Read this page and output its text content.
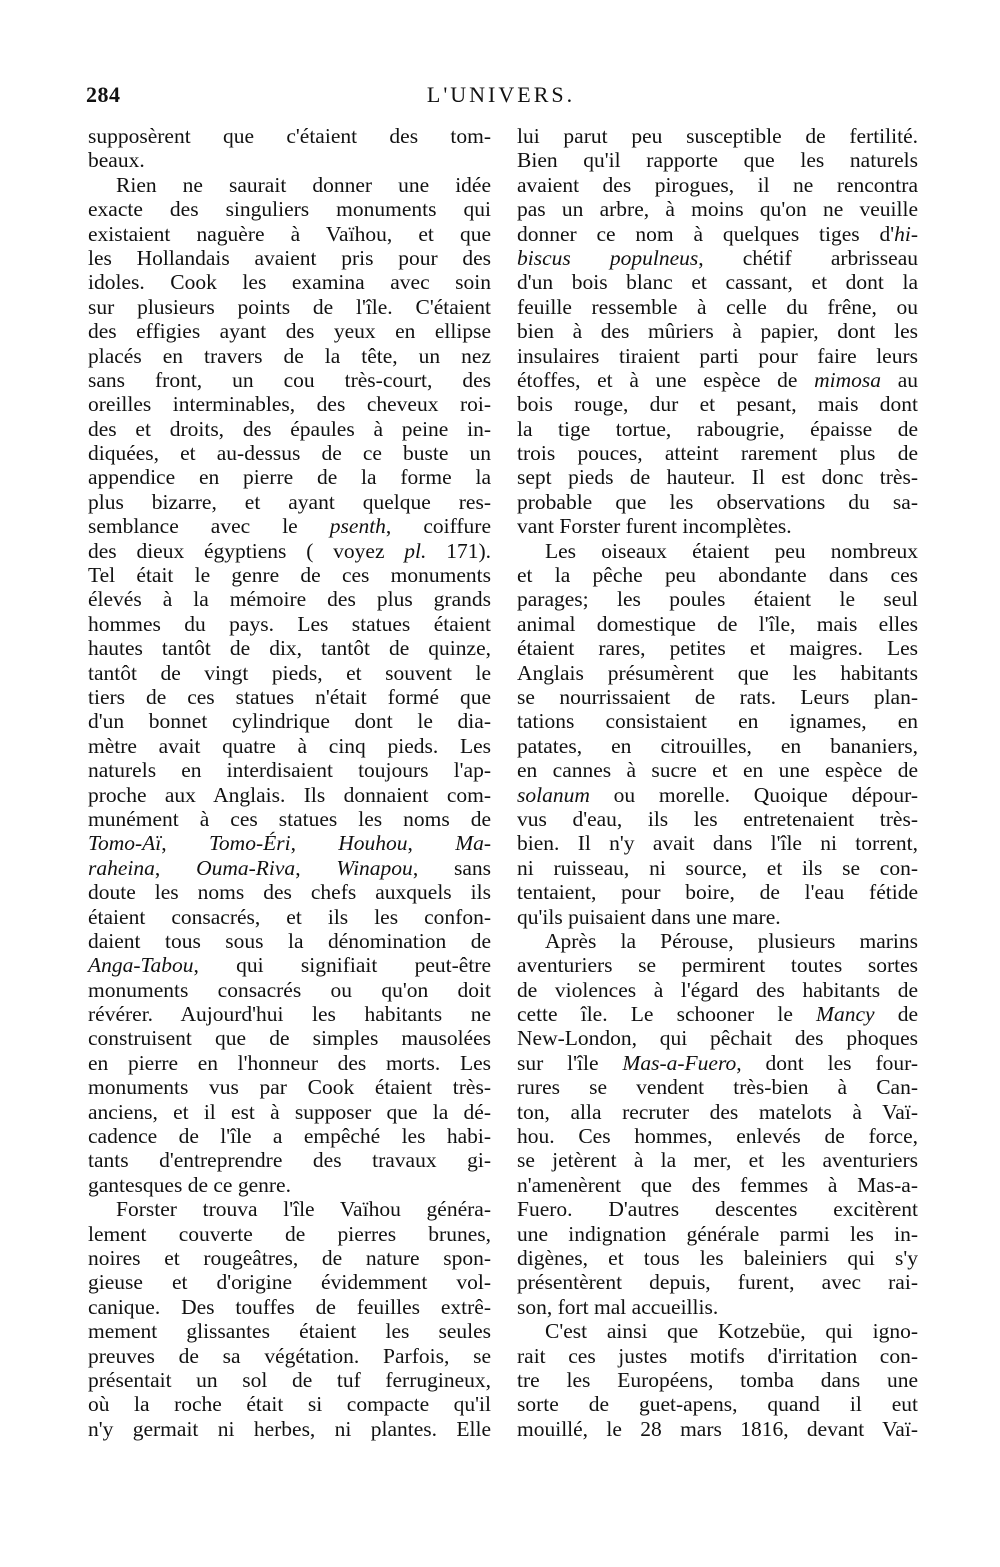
284	L'UNIVERS.
supposèrent que c'étaient des tom-
beaux.
Rien ne saurait donner une idée
exacte des singuliers monuments qui
existaient naguère à Vaïhou, et que
les Hollandais avaient pris pour des
idoles. Cook les examina avec soin
sur plusieurs points de l'île. C'étaient
des effigies ayant des yeux en ellipse
placés en travers de la tête, un nez
sans front, un cou très-court, des
oreilles interminables, des cheveux roi-
des et droits, des épaules à peine in-
diquées, et au-dessus de ce buste un
appendice en pierre de la forme la
plus bizarre, et ayant quelque res-
semblance avec le psenth, coiffure
des dieux égyptiens ( voyez pl. 171).
Tel était le genre de ces monuments
élevés à la mémoire des plus grands
hommes du pays. Les statues étaient
hautes tantôt de dix, tantôt de quinze,
tantôt de vingt pieds, et souvent le
tiers de ces statues n'était formé que
d'un bonnet cylindrique dont le dia-
mètre avait quatre à cinq pieds. Les
naturels en interdisaient toujours l'ap-
proche aux Anglais. Ils donnaient com-
munément à ces statues les noms de
Tomo-Aï, Tomo-Éri, Houhou, Ma-
raheina, Ouma-Riva, Winapou, sans
doute les noms des chefs auxquels ils
étaient consacrés, et ils les confon-
daient tous sous la dénomination de
Anga-Tabou, qui signifiait peut-être
monuments consacrés ou qu'on doit
révérer. Aujourd'hui les habitants ne
construisent que de simples mausolées
en pierre en l'honneur des morts. Les
monuments vus par Cook étaient très-
anciens, et il est à supposer que la dé-
cadence de l'île a empêché les habi-
tants d'entreprendre des travaux gi-
gantesques de ce genre.
Forster trouva l'île Vaïhou généra-
lement couverte de pierres brunes,
noires et rougeâtres, de nature spon-
gieuse et d'origine évidemment vol-
canique. Des touffes de feuilles extrê-
mement glissantes étaient les seules
preuves de sa végétation. Parfois, se
présentait un sol de tuf ferrugineux,
où la roche était si compacte qu'il
n'y germait ni herbes, ni plantes. Elle
lui parut peu susceptible de fertilité.
Bien qu'il rapporte que les naturels
avaient des pirogues, il ne rencontra
pas un arbre, à moins qu'on ne veuille
donner ce nom à quelques tiges d'hi-
biscus populneus, chétif arbrisseau
d'un bois blanc et cassant, et dont la
feuille ressemble à celle du frêne, ou
bien à des mûriers à papier, dont les
insulaires tiraient parti pour faire leurs
étoffes, et à une espèce de mimosa au
bois rouge, dur et pesant, mais dont
la tige tortue, rabougrie, épaisse de
trois pouces, atteint rarement plus de
sept pieds de hauteur. Il est donc très-
probable que les observations du sa-
vant Forster furent incomplètes.
Les oiseaux étaient peu nombreux
et la pêche peu abondante dans ces
parages; les poules étaient le seul
animal domestique de l'île, mais elles
étaient rares, petites et maigres. Les
Anglais présumèrent que les habitants
se nourrissaient de rats. Leurs plan-
tations consistaient en ignames, en
patates, en citrouilles, en bananiers,
en cannes à sucre et en une espèce de
solanum ou morelle. Quoique dépour-
vus d'eau, ils les entretenaient très-
bien. Il n'y avait dans l'île ni torrent,
ni ruisseau, ni source, et ils se con-
tentaient, pour boire, de l'eau fétide
qu'ils puisaient dans une mare.
Après la Pérouse, plusieurs marins
aventuriers se permirent toutes sortes
de violences à l'égard des habitants de
cette île. Le schooner le Mancy de
New-London, qui pêchait des phoques
sur l'île Mas-a-Fuero, dont les four-
rures se vendent très-bien à Can-
ton, alla recruter des matelots à Vaï-
hou. Ces hommes, enlevés de force,
se jetèrent à la mer, et les aventuriers
n'amenèrent que des femmes à Mas-a-
Fuero. D'autres descentes excitèrent
une indignation générale parmi les in-
digènes, et tous les baleiniers qui s'y
présentèrent depuis, furent, avec rai-
son, fort mal accueillis.
C'est ainsi que Kotzebüe, qui igno-
rait ces justes motifs d'irritation con-
tre les Européens, tomba dans une
sorte de guet-apens, quand il eut
mouillé, le 28 mars 1816, devant Vaï-
